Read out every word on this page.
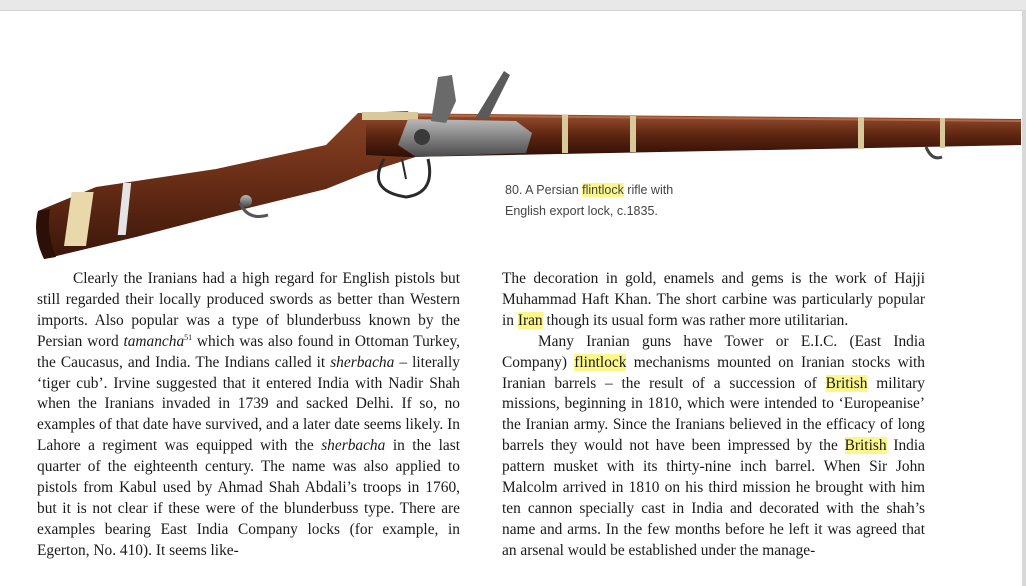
80. A Persian flintlock rifle with
English export lock, c.1835.

Clearly the Iranians had a high regard for English pistols but still regarded their locally produced swords as better than Western imports. Also popular was a type of blunderbuss known by the Persian word tamancha$^{51}$ which was also found in Ottoman Turkey, the Caucasus, and India. The Indians called it sherbacha – literally ‘tiger cub’. Irvine suggested that it entered India with Nadir Shah when the Iranians invaded in 1739 and sacked Delhi. If so, no examples of that date have survived, and a later date seems likely. In Lahore a regiment was equipped with the sherbacha in the last quarter of the eighteenth century. The name was also applied to pistols from Kabul used by Ahmad Shah Abdali’s troops in 1760, but it is not clear if these were of the blunderbuss type. There are examples bearing East India Company locks (for example, in Egerton, No. 410). It seems like-

The decoration in gold, enamels and gems is the work of Hajji Muhammad Haft Khan. The short carbine was particularly popular in Iran though its usual form was rather more utilitarian.

Many Iranian guns have Tower or E.I.C. (East India Company) flintlock mechanisms mounted on Iranian stocks with Iranian barrels – the result of a succession of British military missions, beginning in 1810, which were intended to ‘Europeanise’ the Iranian army. Since the Iranians believed in the efficacy of long barrels they would not have been impressed by the British India pattern musket with its thirty-nine inch barrel. When Sir John Malcolm arrived in 1810 on his third mission he brought with him ten cannon specially cast in India and decorated with the shah’s name and arms. In the few months before he left it was agreed that an arsenal would be established under the manage-
